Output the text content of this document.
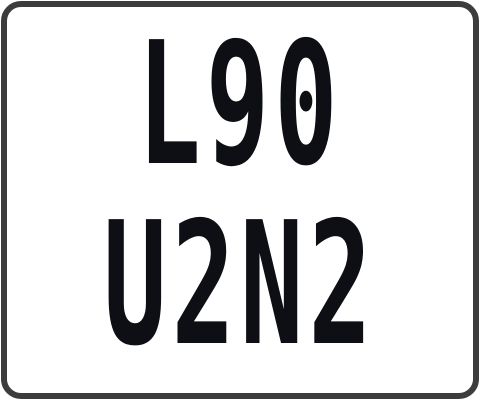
L90
U2N2
